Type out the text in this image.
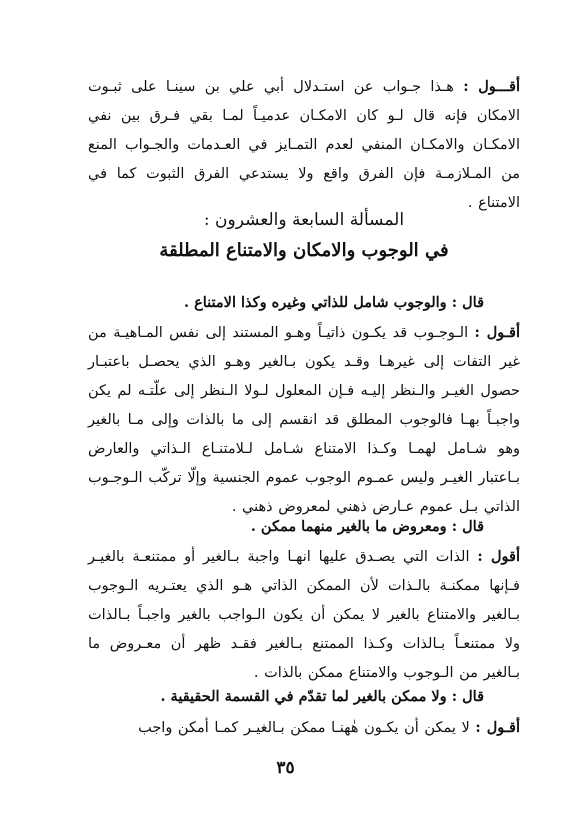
أقـــول : هـذا جـواب عن استـدلال أبي علي بن سينـا على ثبـوت الامكان فإنه قال لـو كان الامكـان عدميـاً لمـا بقي فـرق بين نفي الامكـان والامكـان المنفي لعدم التمـايز في العـدمات والجـواب المنع من المـلازمـة فإن الفرق واقع ولا يستدعي الفرق الثبوت كما في الامتناع .
المسألة السابعة والعشرون :
في الوجوب والامكان والامتناع المطلقة
قال : والوجوب شامل للذاتي وغيره وكذا الامتناع .
أقـول : الـوجـوب قد يكـون ذاتيـاً وهـو المستند إلى نفس المـاهيـة من غير التفات إلى غيرهـا وقـد يكون بـالغير وهـو الذي يحصـل باعتبـار حصول الغيـر والـنظر إليـه فـإن المعلول لـولا الـنظر إلى علّتـه لم يكن واجبـاً بهـا فالوجوب المطلق قد انقسم إلى ما بالذات وإلى مـا بالغير وهو شـامل لهمـا وكـذا الامتناع شـامل لـلامتنـاع الـذاتي والعارض بـاعتبار الغيـر وليس عمـوم الوجوب عموم الجنسية وإلّا تركّب الـوجـوب الذاتي بـل عموم عـارض ذهني لمعروض ذهني .
قال : ومعروض ما بالغير منهما ممكن .
أقول : الذات التي يصـدق عليها انهـا واجبة بـالغير أو ممتنعـة بالغيـر فـإنها ممكنـة بالـذات لأن الممكن الذاتي هـو الذي يعتـريه الـوجوب بـالغير والامتناع بالغير لا يمكن أن يكون الـواجب بالغير واجبـاً بـالذات ولا ممتنعـاً بـالذات وكـذا الممتنع بـالغير فقـد ظهر أن معـروض ما بـالغير من الـوجوب والامتناع ممكن بالذات .
قال : ولا ممكن بالغير لما تقدّم في القسمة الحقيقية .
أقـول : لا يمكن أن يكـون هٰهنـا ممكن بـالغيـر كمـا أمكن واجب
٣٥
